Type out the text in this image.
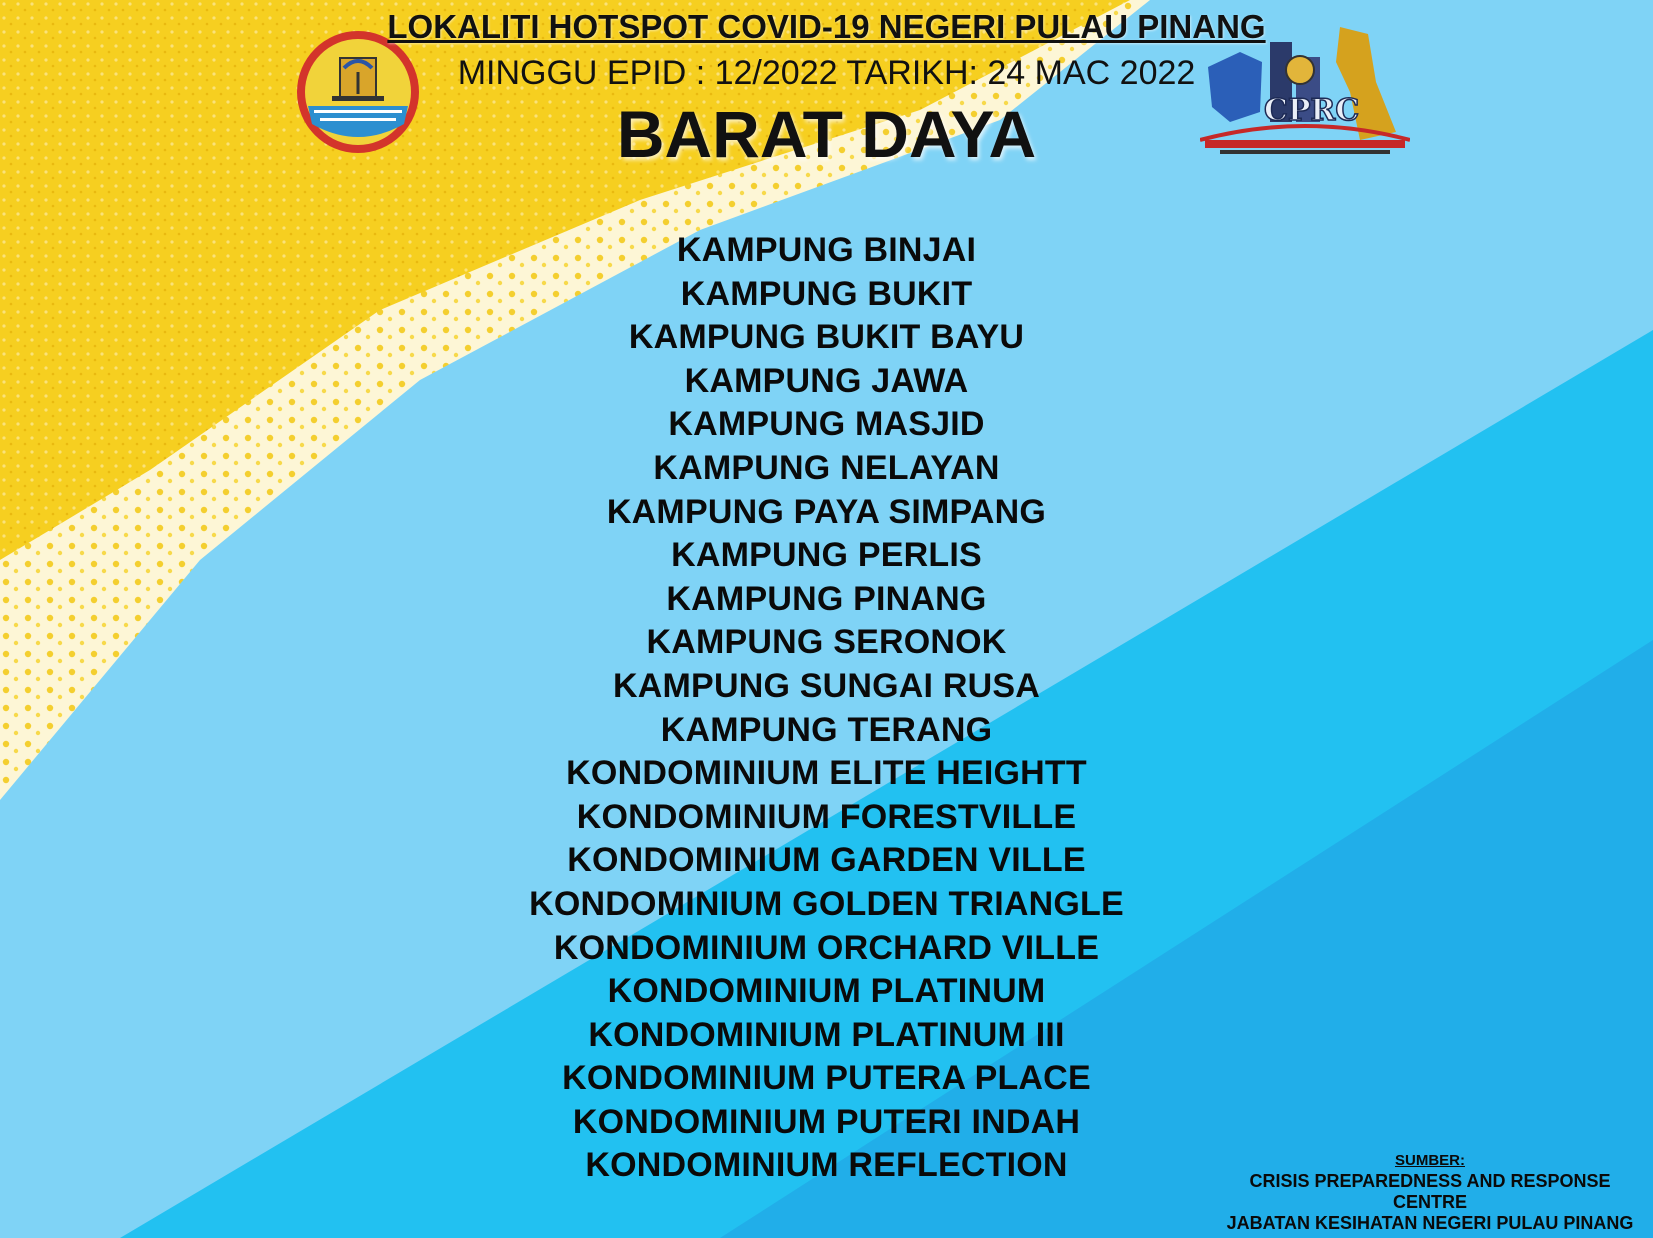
CPRC
LOKALITI HOTSPOT COVID-19 NEGERI PULAU PINANG
MINGGU EPID : 12/2022 TARIKH: 24 MAC 2022
BARAT DAYA
KAMPUNG BINJAI
KAMPUNG BUKIT
KAMPUNG BUKIT BAYU
KAMPUNG JAWA
KAMPUNG MASJID
KAMPUNG NELAYAN
KAMPUNG PAYA SIMPANG
KAMPUNG PERLIS
KAMPUNG PINANG
KAMPUNG SERONOK
KAMPUNG SUNGAI RUSA
KAMPUNG TERANG
KONDOMINIUM ELITE HEIGHTT
KONDOMINIUM FORESTVILLE
KONDOMINIUM GARDEN VILLE
KONDOMINIUM GOLDEN TRIANGLE
KONDOMINIUM ORCHARD VILLE
KONDOMINIUM PLATINUM
KONDOMINIUM PLATINUM III
KONDOMINIUM PUTERA PLACE
KONDOMINIUM PUTERI INDAH
KONDOMINIUM REFLECTION	SUMBER:
CRISIS PREPAREDNESS AND RESPONSE
CENTRE
JABATAN KESIHATAN NEGERI PULAU PINANG
